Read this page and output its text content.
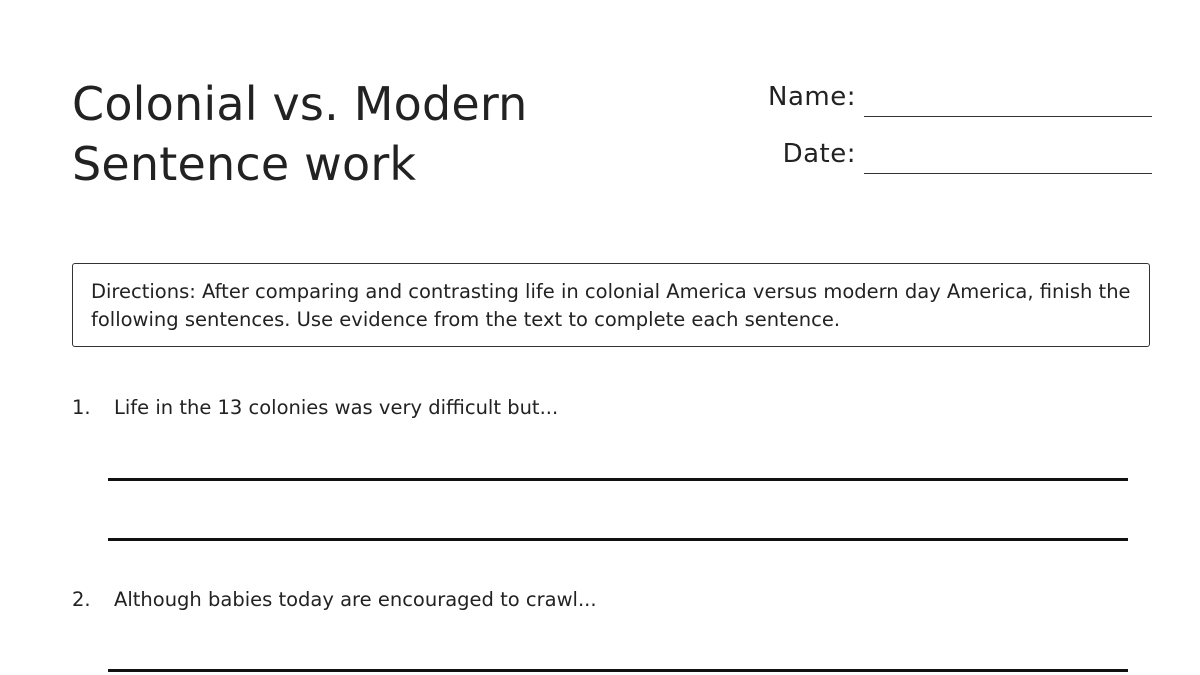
Colonial vs. Modern
Sentence work
Name:
Date:
Directions: After comparing and contrasting life in colonial America versus modern day America, finish the following sentences. Use evidence from the text to complete each sentence.
1. Life in the 13 colonies was very difficult but...
2. Although babies today are encouraged to crawl...
